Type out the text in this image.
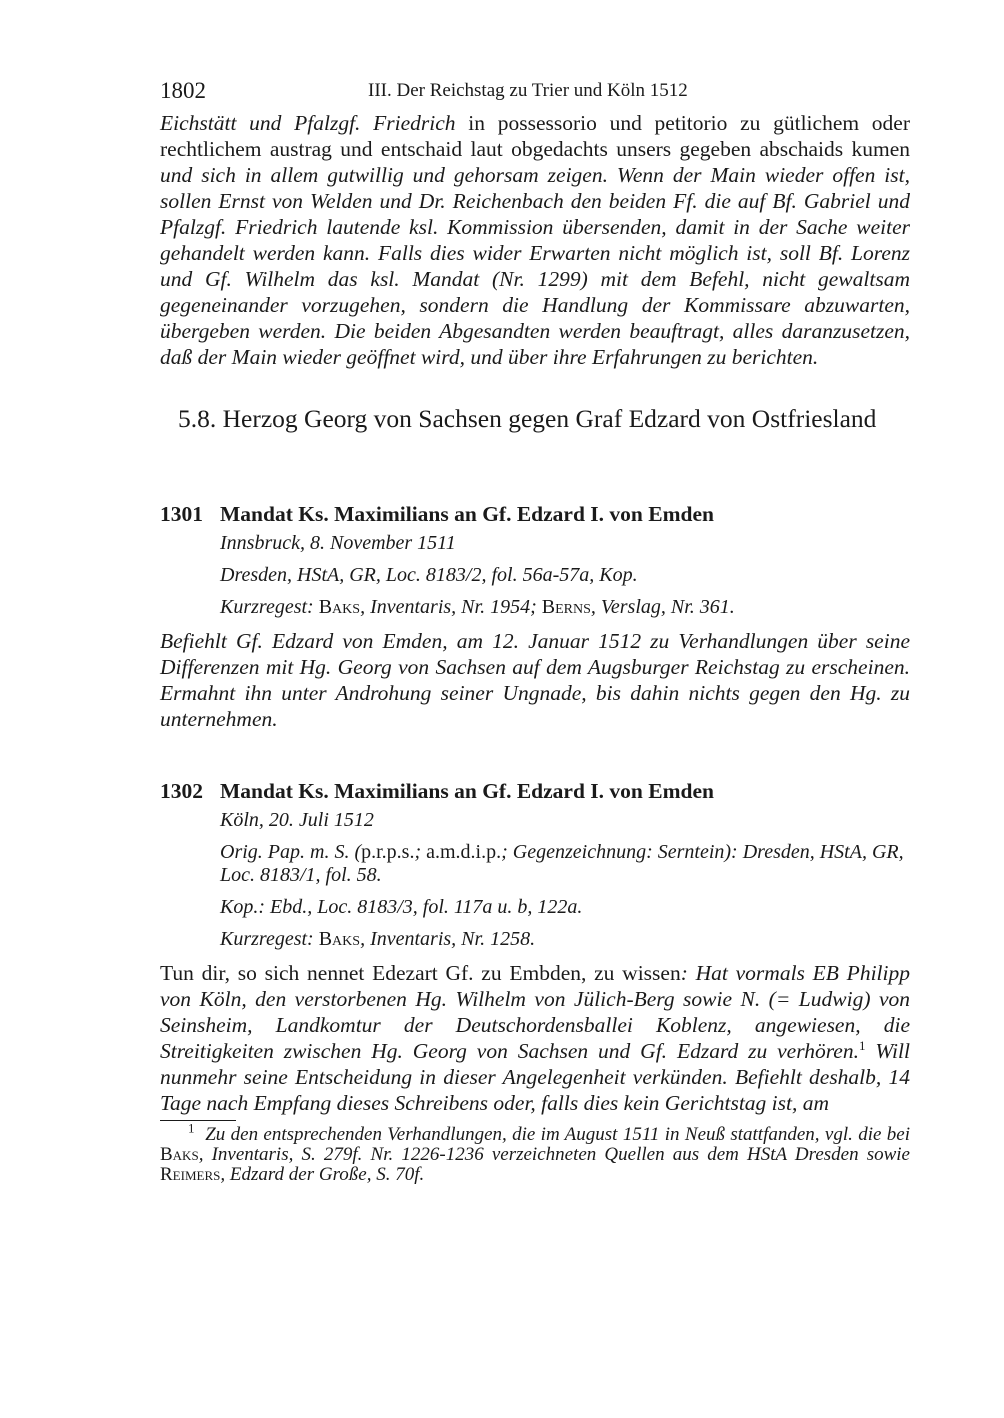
1802	III. Der Reichstag zu Trier und Köln 1512

Eichstätt und Pfalzgf. Friedrich in possessorio und petitorio zu gütlichem oder rechtlichem austrag und entschaid laut obgedachts unsers gegeben abschaids kumen und sich in allem gutwillig und gehorsam zeigen. Wenn der Main wieder offen ist, sollen Ernst von Welden und Dr. Reichenbach den beiden Ff. die auf Bf. Gabriel und Pfalzgf. Friedrich lautende ksl. Kommission übersenden, damit in der Sache weiter gehandelt werden kann. Falls dies wider Erwarten nicht möglich ist, soll Bf. Lorenz und Gf. Wilhelm das ksl. Mandat (Nr. 1299) mit dem Befehl, nicht gewaltsam gegeneinander vorzugehen, sondern die Handlung der Kommissare abzuwarten, übergeben werden. Die beiden Abgesandten werden beauftragt, alles daranzusetzen, daß der Main wieder geöffnet wird, und über ihre Erfahrungen zu berichten.

5.8. Herzog Georg von Sachsen gegen Graf Edzard von Ostfriesland
1301 Mandat Ks. Maximilians an Gf. Edzard I. von Emden
Innsbruck, 8. November 1511
Dresden, HStA, GR, Loc. 8183/2, fol. 56a-57a, Kop.
Kurzregest: Baks, Inventaris, Nr. 1954; Berns, Verslag, Nr. 361.

Befiehlt Gf. Edzard von Emden, am 12. Januar 1512 zu Verhandlungen über seine Differenzen mit Hg. Georg von Sachsen auf dem Augsburger Reichstag zu erscheinen. Ermahnt ihn unter Androhung seiner Ungnade, bis dahin nichts gegen den Hg. zu unternehmen.

1302 Mandat Ks. Maximilians an Gf. Edzard I. von Emden
Köln, 20. Juli 1512
Orig. Pap. m. S. (p.r.p.s.; a.m.d.i.p.; Gegenzeichnung: Serntein): Dresden, HStA, GR, Loc. 8183/1, fol. 58.
Kop.: Ebd., Loc. 8183/3, fol. 117a u. b, 122a.
Kurzregest: Baks, Inventaris, Nr. 1258.

Tun dir, so sich nennet Edezart Gf. zu Embden, zu wissen: Hat vormals EB Philipp von Köln, den verstorbenen Hg. Wilhelm von Jülich-Berg sowie N. (= Ludwig) von Seinsheim, Landkomtur der Deutschordensballei Koblenz, angewiesen, die Streitigkeiten zwischen Hg. Georg von Sachsen und Gf. Edzard zu verhören.$^1$ Will nunmehr seine Entscheidung in dieser Angelegenheit verkünden. Befiehlt deshalb, 14 Tage nach Empfang dieses Schreibens oder, falls dies kein Gerichtstag ist, am

$^1$ Zu den entsprechenden Verhandlungen, die im August 1511 in Neuß stattfanden, vgl. die bei Baks, Inventaris, S. 279f. Nr. 1226-1236 verzeichneten Quellen aus dem HStA Dresden sowie Reimers, Edzard der Große, S. 70f.
